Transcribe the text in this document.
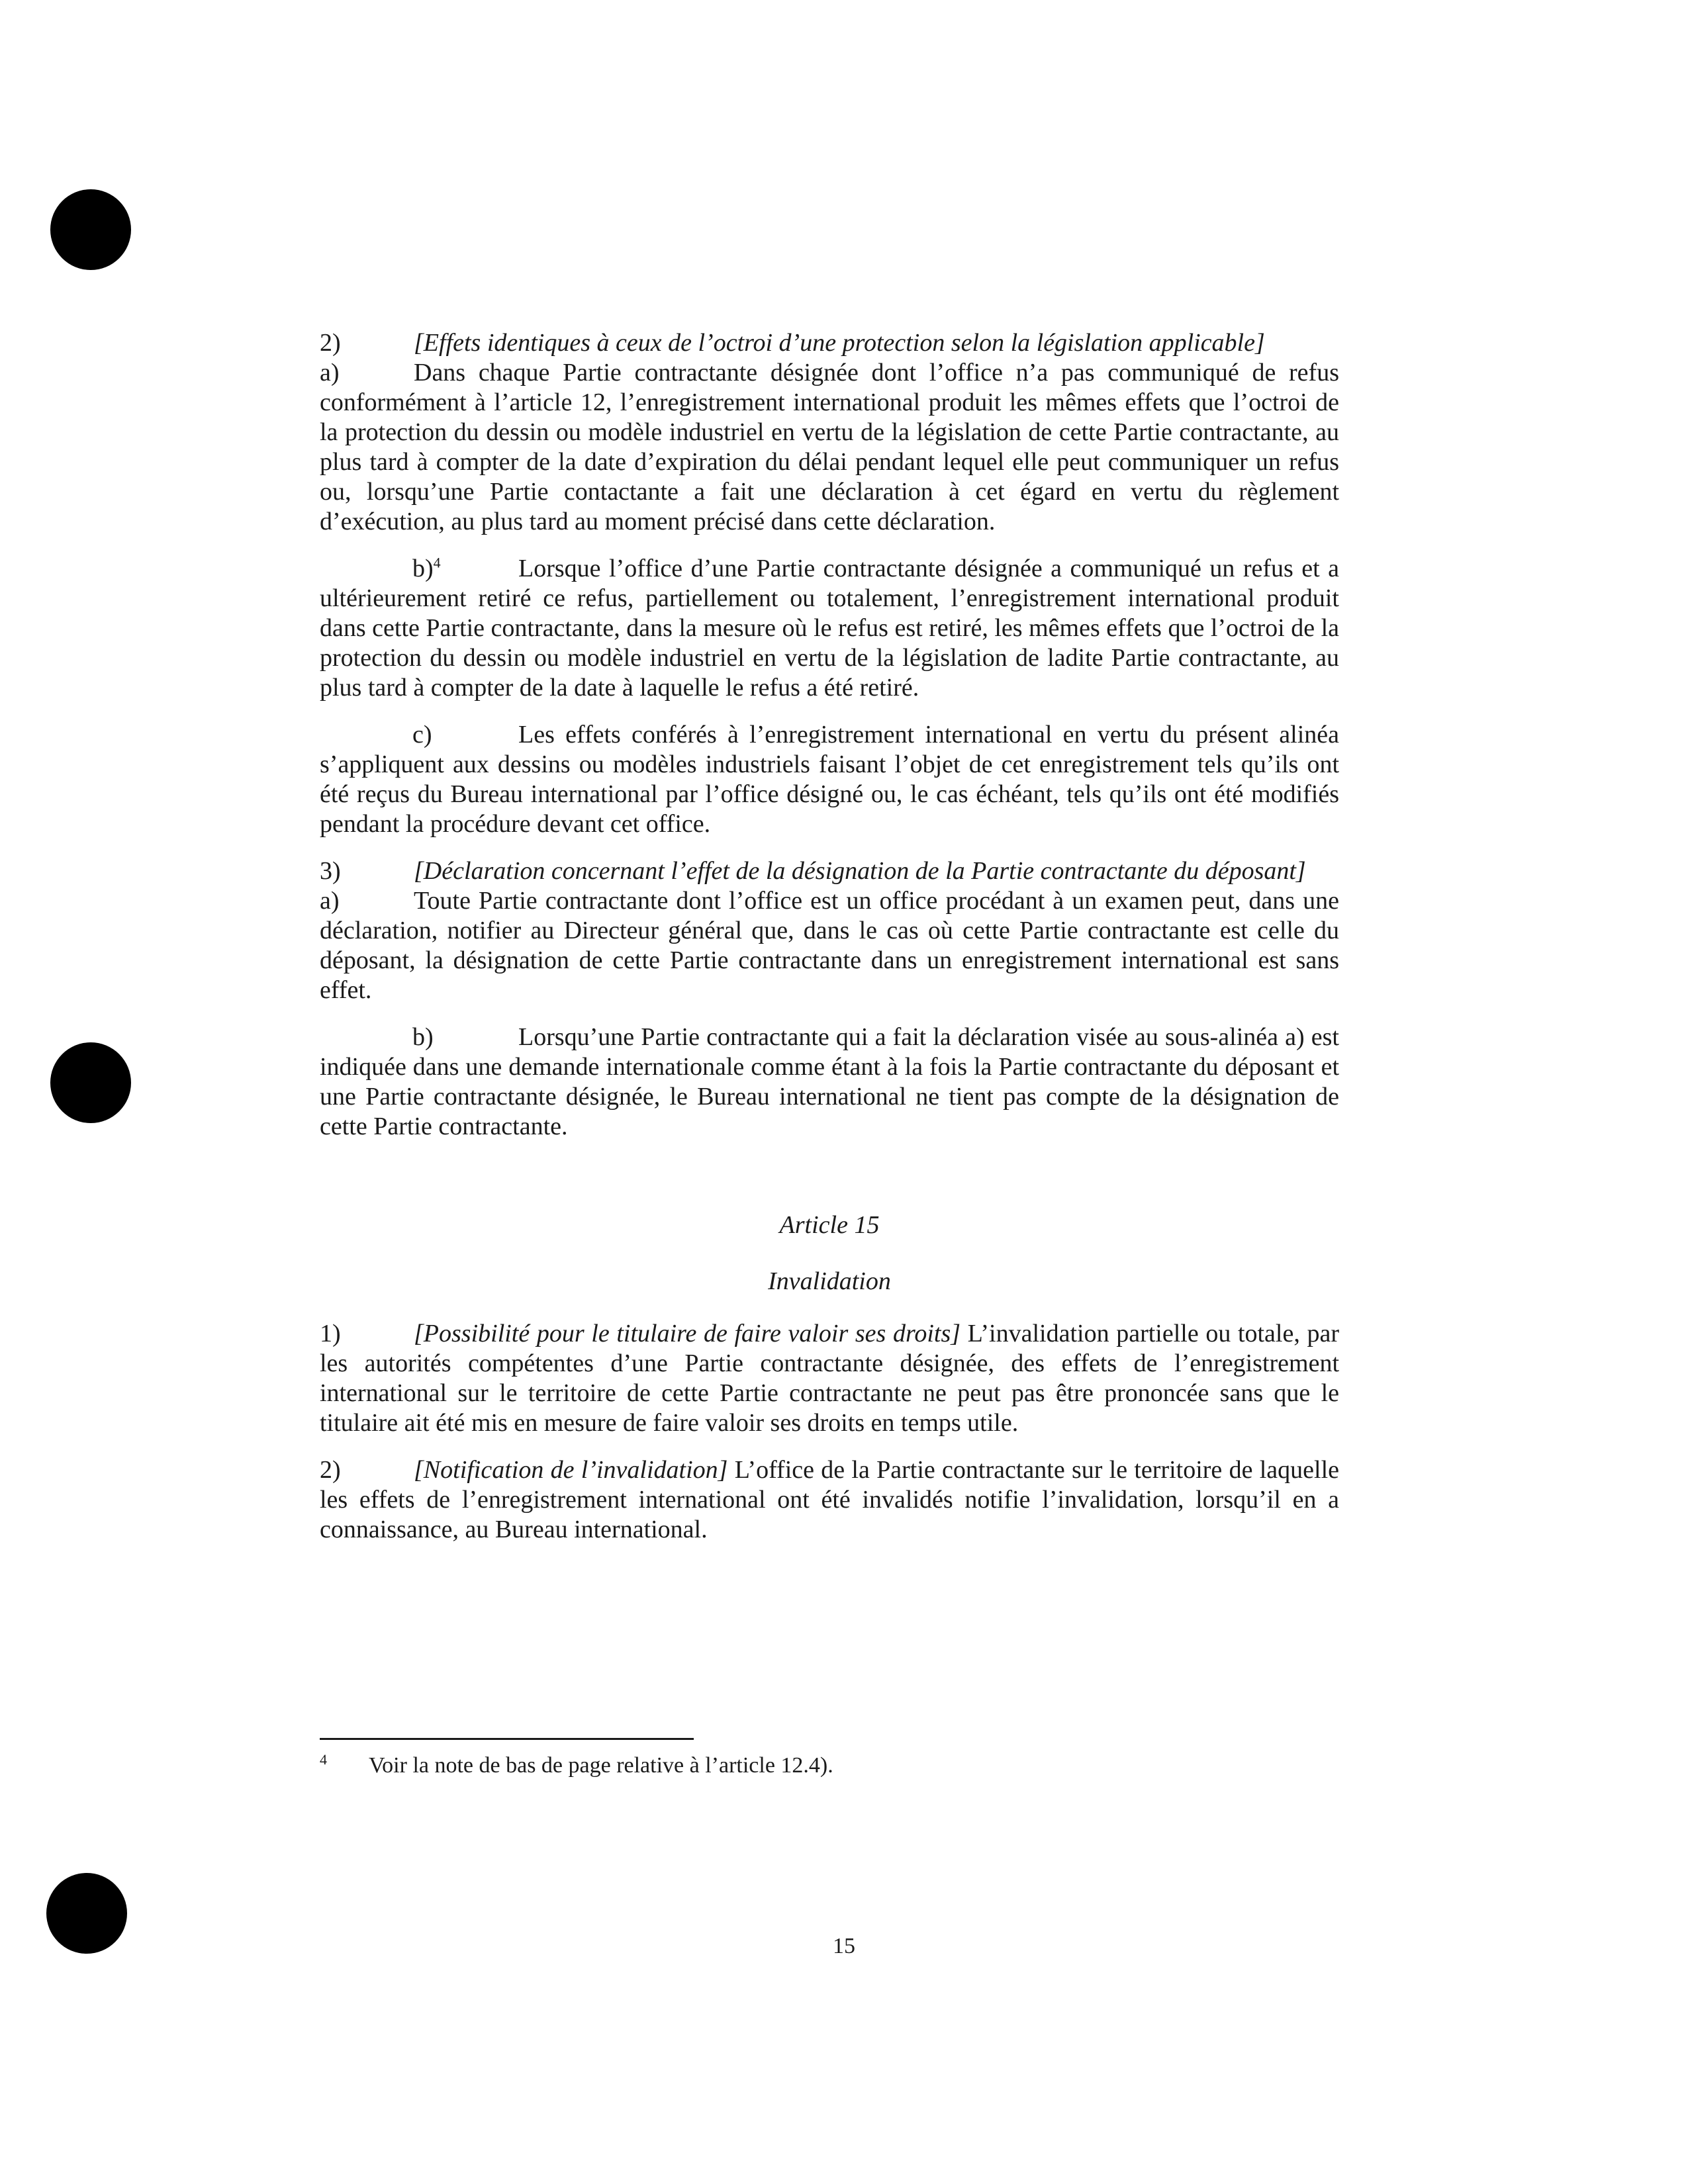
2)	[Effets identiques à ceux de l’octroi d’une protection selon la législation applicable]
a)	Dans chaque Partie contractante désignée dont l’office n’a pas communiqué de refus conformément à l’article 12, l’enregistrement international produit les mêmes effets que l’octroi de la protection du dessin ou modèle industriel en vertu de la législation de cette Partie contractante, au plus tard à compter de la date d’expiration du délai pendant lequel elle peut communiquer un refus ou, lorsqu’une Partie contactante a fait une déclaration à cet égard en vertu du règlement d’exécution, au plus tard au moment précisé dans cette déclaration.

b)$^4$	Lorsque l’office d’une Partie contractante désignée a communiqué un refus et a ultérieurement retiré ce refus, partiellement ou totalement, l’enregistrement international produit dans cette Partie contractante, dans la mesure où le refus est retiré, les mêmes effets que l’octroi de la protection du dessin ou modèle industriel en vertu de la législation de ladite Partie contractante, au plus tard à compter de la date à laquelle le refus a été retiré.

c)	Les effets conférés à l’enregistrement international en vertu du présent alinéa s’appliquent aux dessins ou modèles industriels faisant l’objet de cet enregistrement tels qu’ils ont été reçus du Bureau international par l’office désigné ou, le cas échéant, tels qu’ils ont été modifiés pendant la procédure devant cet office.

3)	[Déclaration concernant l’effet de la désignation de la Partie contractante du déposant]
a)	Toute Partie contractante dont l’office est un office procédant à un examen peut, dans une déclaration, notifier au Directeur général que, dans le cas où cette Partie contractante est celle du déposant, la désignation de cette Partie contractante dans un enregistrement international est sans effet.

b)	Lorsqu’une Partie contractante qui a fait la déclaration visée au sous-alinéa a) est indiquée dans une demande internationale comme étant à la fois la Partie contractante du déposant et une Partie contractante désignée, le Bureau international ne tient pas compte de la désignation de cette Partie contractante.

Article 15

Invalidation

1)	[Possibilité pour le titulaire de faire valoir ses droits] L’invalidation partielle ou totale, par les autorités compétentes d’une Partie contractante désignée, des effets de l’enregistrement international sur le territoire de cette Partie contractante ne peut pas être prononcée sans que le titulaire ait été mis en mesure de faire valoir ses droits en temps utile.

2)	[Notification de l’invalidation] L’office de la Partie contractante sur le territoire de laquelle les effets de l’enregistrement international ont été invalidés notifie l’invalidation, lorsqu’il en a connaissance, au Bureau international.

4 Voir la note de bas de page relative à l’article 12.4).
15
